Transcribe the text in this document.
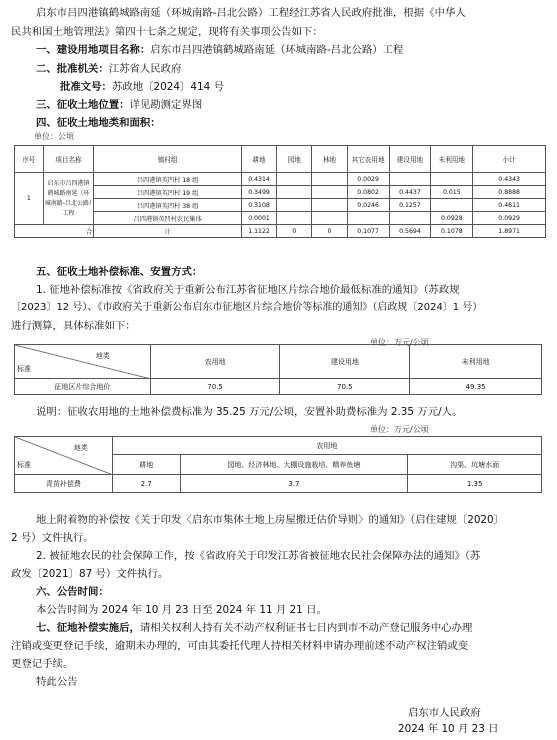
启东市吕四港镇鹤城路南延（环城南路-吕北公路）工程经江苏省人民政府批准，根据《中华人
民共和国土地管理法》第四十七条之规定，现将有关事项公告如下：
一、建设用地项目名称：启东市吕四港镇鹤城路南延（环城南路-吕北公路）工程
二、批准机关：江苏省人民政府
批准文号：苏政地〔2024〕414 号
三、征收土地位置：详见勘测定界图
四、征收土地地类和面积：
单位：公顷
序号	项目名称	镇村组	耕地	园地	林地	其它农用地	建设用地	未利用地	小计
1	启东市吕四港镇鹤城路南延（环城南路-吕北公路）工程	吕四港镇英凹村 18 组	0.4314			0.0029			0.4343
		吕四港镇英凹村 19 组	0.3499			0.0802	0.4437	0.015	0.8888
		吕四港镇英凹村 38 组	0.3108			0.0246	0.1257		0.4611
		吕四港镇英凹村农民集体	0.0001					0.0928	0.0929
合		计	1.1122	0	0	0.1077	0.5694	0.1078	1.8971
五、征收土地补偿标准、安置方式：
1. 征地补偿标准按《省政府关于重新公布江苏省征地区片综合地价最低标准的通知》（苏政规
〔2023〕12 号）、《市政府关于重新公布启东市征地区片综合地价等标准的通知》（启政规〔2024〕1 号）
进行测算，具体标准如下：
单位：万元/公顷
地类
标准	农用地	建设用地	未利用地
征地区片综合地价	70.5	70.5	49.35
说明：征收农用地的土地补偿费标准为 35.25 万元/公顷，安置补助费标准为 2.35 万元/人。
单位：万元/公顷
地类
标准	农用地		
	耕地	园地、经济林地、大棚设施栽培、精养鱼塘	沟渠、坑塘水面
青苗补偿费	2.7	3.7	1.35
地上附着物的补偿按《关于印发〈启东市集体土地上房屋搬迁估价导则〉的通知》（启住建规〔2020〕
2 号）文件执行。
2. 被征地农民的社会保障工作，按《省政府关于印发江苏省被征地农民社会保障办法的通知》（苏
政发〔2021〕87 号）文件执行。
六、公告时间：
本公告时间为 2024 年 10 月 23 日至 2024 年 11 月 21 日。
七、征地补偿实施后，请相关权利人持有关不动产权利证书七日内到市不动产登记服务中心办理
注销或变更登记手续，逾期未办理的，可由其委托代理人持相关材料申请办理前述不动产权注销或变
更登记手续。
特此公告
启东市人民政府
2024 年 10 月 23 日
